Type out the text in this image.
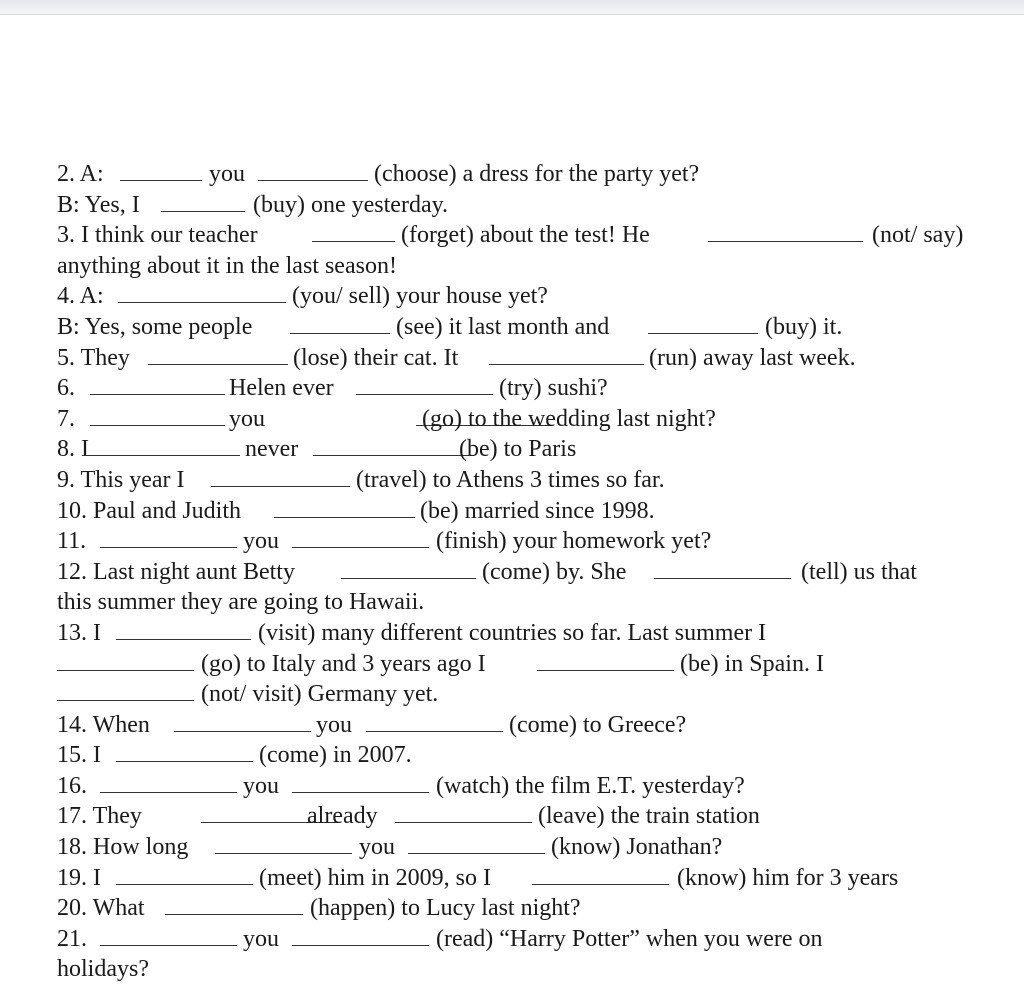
2. A:	you	(choose) a dress for the party yet?
B: Yes, I	(buy) one yesterday.
3. I think our teacher	(forget) about the test! He	(not/ say)
anything about it in the last season!
4. A:	(you/ sell) your house yet?
B: Yes, some people	(see) it last month and	(buy) it.
5. They	(lose) their cat. It	(run) away last week.
6.	Helen ever	(try) sushi?
7.	you	(go) to the wedding last night?
8. I	never	(be) to Paris
9. This year I	(travel) to Athens 3 times so far.
10. Paul and Judith	(be) married since 1998.
11.	you	(finish) your homework yet?
12. Last night aunt Betty	(come) by. She	(tell) us that
this summer they are going to Hawaii.
13. I	(visit) many different countries so far. Last summer I
(go) to Italy and 3 years ago I	(be) in Spain. I
(not/ visit) Germany yet.
14. When	you	(come) to Greece?
15. I	(come) in 2007.
16.	you	(watch) the film E.T. yesterday?
17. They	already	(leave) the train station
18. How long	you	(know) Jonathan?
19. I	(meet) him in 2009, so I	(know) him for 3 years
20. What	(happen) to Lucy last night?
21.	you	(read) “Harry Potter” when you were on
holidays?
